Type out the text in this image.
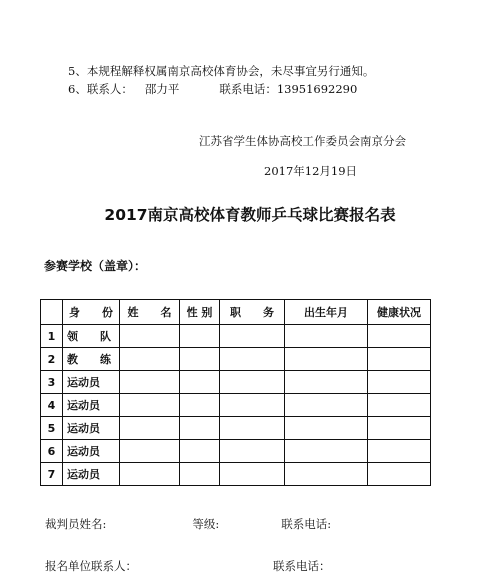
5、本规程解释权属南京高校体育协会，未尽事宜另行通知。
6、联系人： 邵力平	联系电话：13951692290
江苏省学生体协高校工作委员会南京分会
2017年12月19日
2017南京高校体育教师乒乓球比赛报名表
参赛学校（盖章）：
	身　　份	姓　　名	性 别	职　　务	出生年月	健康状况
1	领　　队					
2	教　　练					
3	运动员					
4	运动员					
5	运动员					
6	运动员					
7	运动员					
裁判员姓名:	等级:	联系电话:
报名单位联系人：	联系电话：
